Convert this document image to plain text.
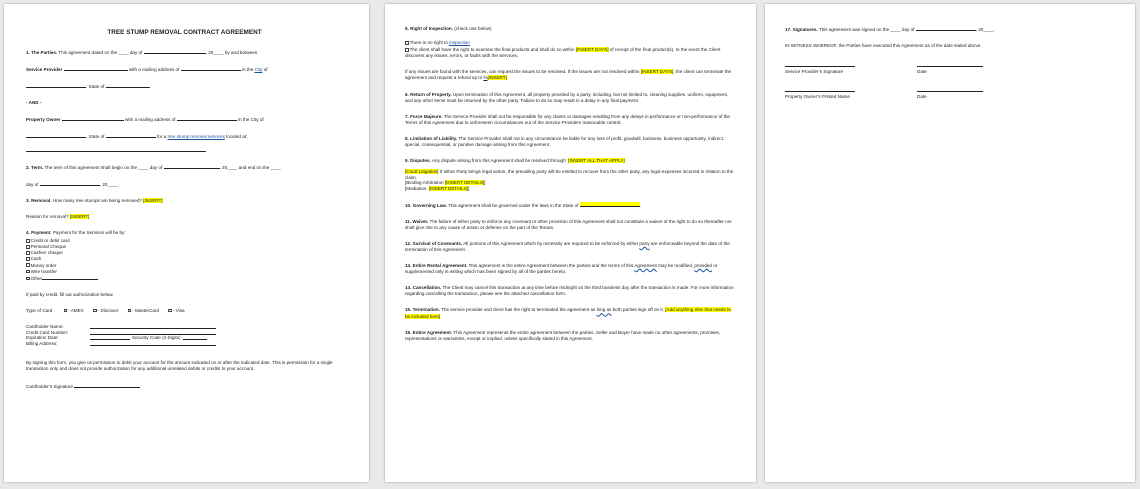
TREE STUMP REMOVAL CONTRACT AGREEMENT
1. The Parties. This agreement dated on the ____ day of	, 20____ by and between
Service Provider	with a mailing address of	in the City of
, State of
- AND -
Property Owner	with a mailing address of	in the City of
, State of	for a tree stump removal services located at:
2. Term. The term of this agreement shall begin on the ____ day of	, 20____ and end on the ____
day of	, 20____.
3. Removal. How many tree stumps are being removed? [INSERT]
Reason for removal? [INSERT]
4. Payment. Payment for the Services will be by:
Credit or debit card
Personal Cheque
Cashier cheque
Cash
Money order
Wire transfer
Other
If paid by credit, fill out authorization below.
Type of Card	- AMEX	- Discover	- MasterCard	- Visa
Cardholder Name:
Credit Card Number:
Expiration Date:	Security Code (3 Digits)
Billing Address:
By signing this form, you give us permission to debit your account for the amount indicated on or after the indicated date. This is permission for a single transaction only and does not provide authorization for any additional unrelated debits or credits to your account.
Cardholder’s Signature
5. Right of Inspection. (check one below)
There is no right to inspection
The client shall have the right to examine the final products and shall do so within [INSERT DAYS] of receipt of the final product(s). In the event the Client discovers any issues, errors, or faults with the Services.
If any issues are found with the services, can request the issues to be resolved. If the issues are not resolved within [INSERT DAYS], the client can terminate the agreement and request a refund up to %[INSERT].
6. Return of Property. Upon termination of this Agreement, all property provided by a party, including, but not limited to, cleaning supplies, uniform, equipment, and any other items must be returned by the other party. Failure to do so may result in a delay in any final payment.
7. Force Majeure. The Service Provider shall not be responsible for any claims or damages resulting from any delays in performance or non-performance of the Terms of this Agreement due to unforeseen circumstances out of the Service Providers reasonable control.
8. Limitation of Liability. The Service Provider shall not in any circumstance be liable for any loss of profit, goodwill, business, business opportunity, indirect, special, consequential, or punitive damage arising from this Agreement.
9. Disputes. Any dispute arising from this Agreement shall be resolved through: [INSERT ALL THAT APPLY]
[Court Litigation] If either Party brings legal action, the prevailing party will be entitled to recover from the other party, any legal expenses incurred in relation to the claim.
[Binding Arbitration [INSERT DETAILS]]
[Mediation. [INSERT DETAILS]]
10. Governing Law. This agreement shall be governed under the laws in the State of	.
11. Waiver. The failure of either party to enforce any covenant or other provision of this Agreement shall not constitute a waiver of the right to do so thereafter nor shall give rise to any cause of action or defense on the part of the Tenant.
12. Survival of Covenants. All portions of this Agreement which by necessity are required to be enforced by either party are enforceable beyond the date of the termination of this Agreement.
13. Entire Rental Agreement. This agreement is the entire Agreement between the parties and the terms of this Agreement may be modified, provided or supplemented only in writing which has been signed by all of the parties hereto.
14. Cancellation. The Client may cancel this transaction at any time before midnight on the third business day after the transaction is made. For more information regarding cancelling the transaction, please see the attached cancellation form.
15. Termination. The service provider and client has the right to terminated the agreement as long as both parties sign off on it. [Add anything else that needs to be included here]
16. Entire Agreement. This Agreement represents the entire agreement between the parties. Seller and Buyer have made no other agreements, promises, representations or warranties, except or implied, unless specifically stated in this Agreement.
17. Signatures. This agreement was signed on the ____ day of	, 20____.
IN WITNESS WHEREOF, the Parties have executed this Agreement as of the date stated above.
Service Provider’s Signature	Date
Property Owner’s Printed Name	Date
